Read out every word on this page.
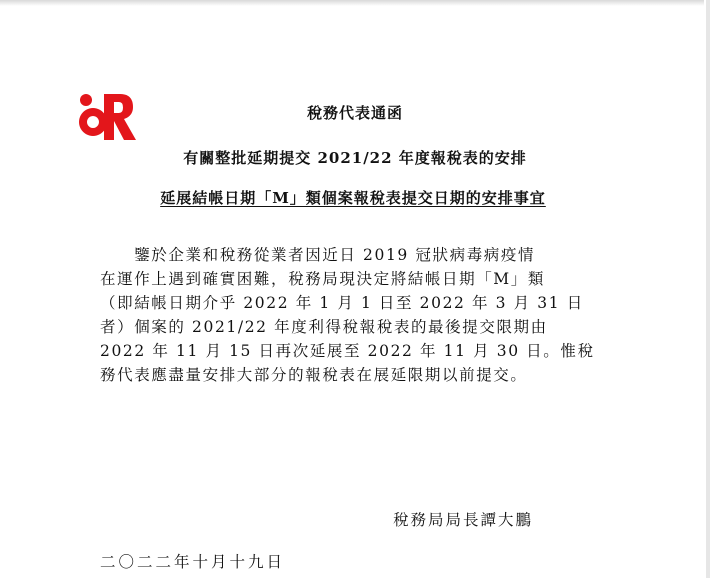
稅務代表通函
有關整批延期提交 2021/22 年度報稅表的安排
延展結帳日期「M」類個案報稅表提交日期的安排事宜

　　鑒於企業和稅務從業者因近日 2019 冠狀病毒病疫情

在運作上遇到確實困難，稅務局現決定將結帳日期「M」類

（即結帳日期介乎 2022 年 1 月 1 日至 2022 年 3 月 31 日

者）個案的 2021/22 年度利得稅報稅表的最後提交限期由

2022 年 11 月 15 日再次延展至 2022 年 11 月 30 日。惟稅

務代表應盡量安排大部分的報稅表在展延限期以前提交。

稅務局局長譚大鵬

二〇二二年十月十九日
